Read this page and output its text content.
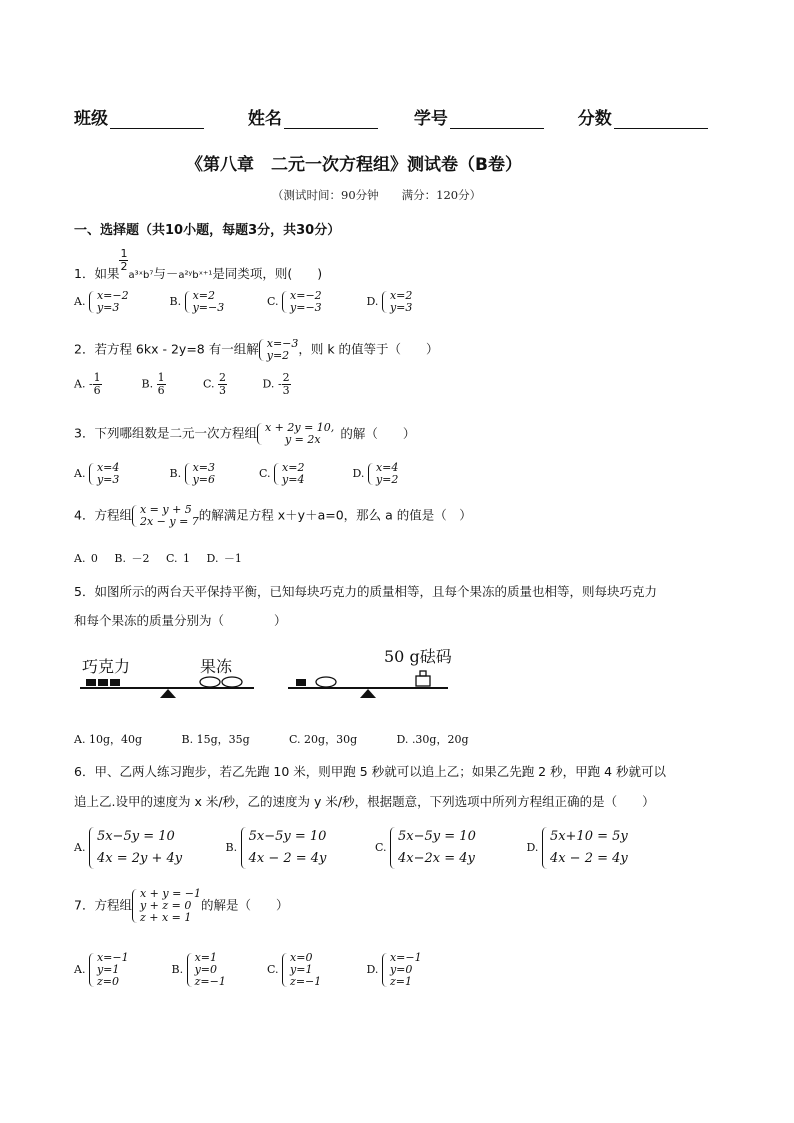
班级	姓名	学号	分数
《第八章　二元一次方程组》测试卷（B卷）
（测试时间：90分钟　　满分：120分）
一、选择题（共10小题，每题3分，共30分）
1．如果
$\frac{1}{2}$
a³ˣb⁷与－a²ʸbˣ⁺¹是同类项，则(　　)
A. x=−2
y=3	B. x=2
y=−3	C. x=−2
y=−3	D. x=2
y=3
2．若方程 6kx - 2y=8 有一组解 x=−3
y=2 ，则 k 的值等于（　　）
A. - $\frac{1}{6}$	B. $\frac{1}{6}$	C. $\frac{2}{3}$	D. - $\frac{2}{3}$
3．下列哪组数是二元一次方程组 x + 2y = 10,
y = 2x	的解（　　）
A. x=4
y=3	B. x=3
y=6	C. x=2
y=4	D. x=4
y=2
4．方程组 x = y + 5
2x − y = 7 的解满足方程 x＋y＋a=0，那么 a 的值是（　）
A. 0　 B. －2　 C. 1　 D. －1
5．如图所示的两台天平保持平衡，已知每块巧克力的质量相等，且每个果冻的质量也相等，则每块巧克力
和每个果冻的质量分别为（　　　　）
巧克力	果冻
50 g砝码
A. 10g，40g	B. 15g，35g	C. 20g，30g	D. .30g，20g
6．甲、乙两人练习跑步，若乙先跑 10 米，则甲跑 5 秒就可以追上乙；如果乙先跑 2 秒，甲跑 4 秒就可以
追上乙.设甲的速度为 x 米/秒，乙的速度为 y 米/秒，根据题意，下列选项中所列方程组正确的是（　　）
A.
5x−5y = 10
4x = 2y + 4y
B.
5x−5y = 10
4x − 2 = 4y
C.
5x−5y = 10
4x−2x = 4y
D.
5x+10 = 5y
4x − 2 = 4y
7．方程组
x + y = −1
y + z = 0
z + x = 1
的解是（　　）
A.
x=−1
y=1
z=0
B.
x=1
y=0
z=−1
C.
x=0
y=1
z=−1
D.
x=−1
y=0
z=1
